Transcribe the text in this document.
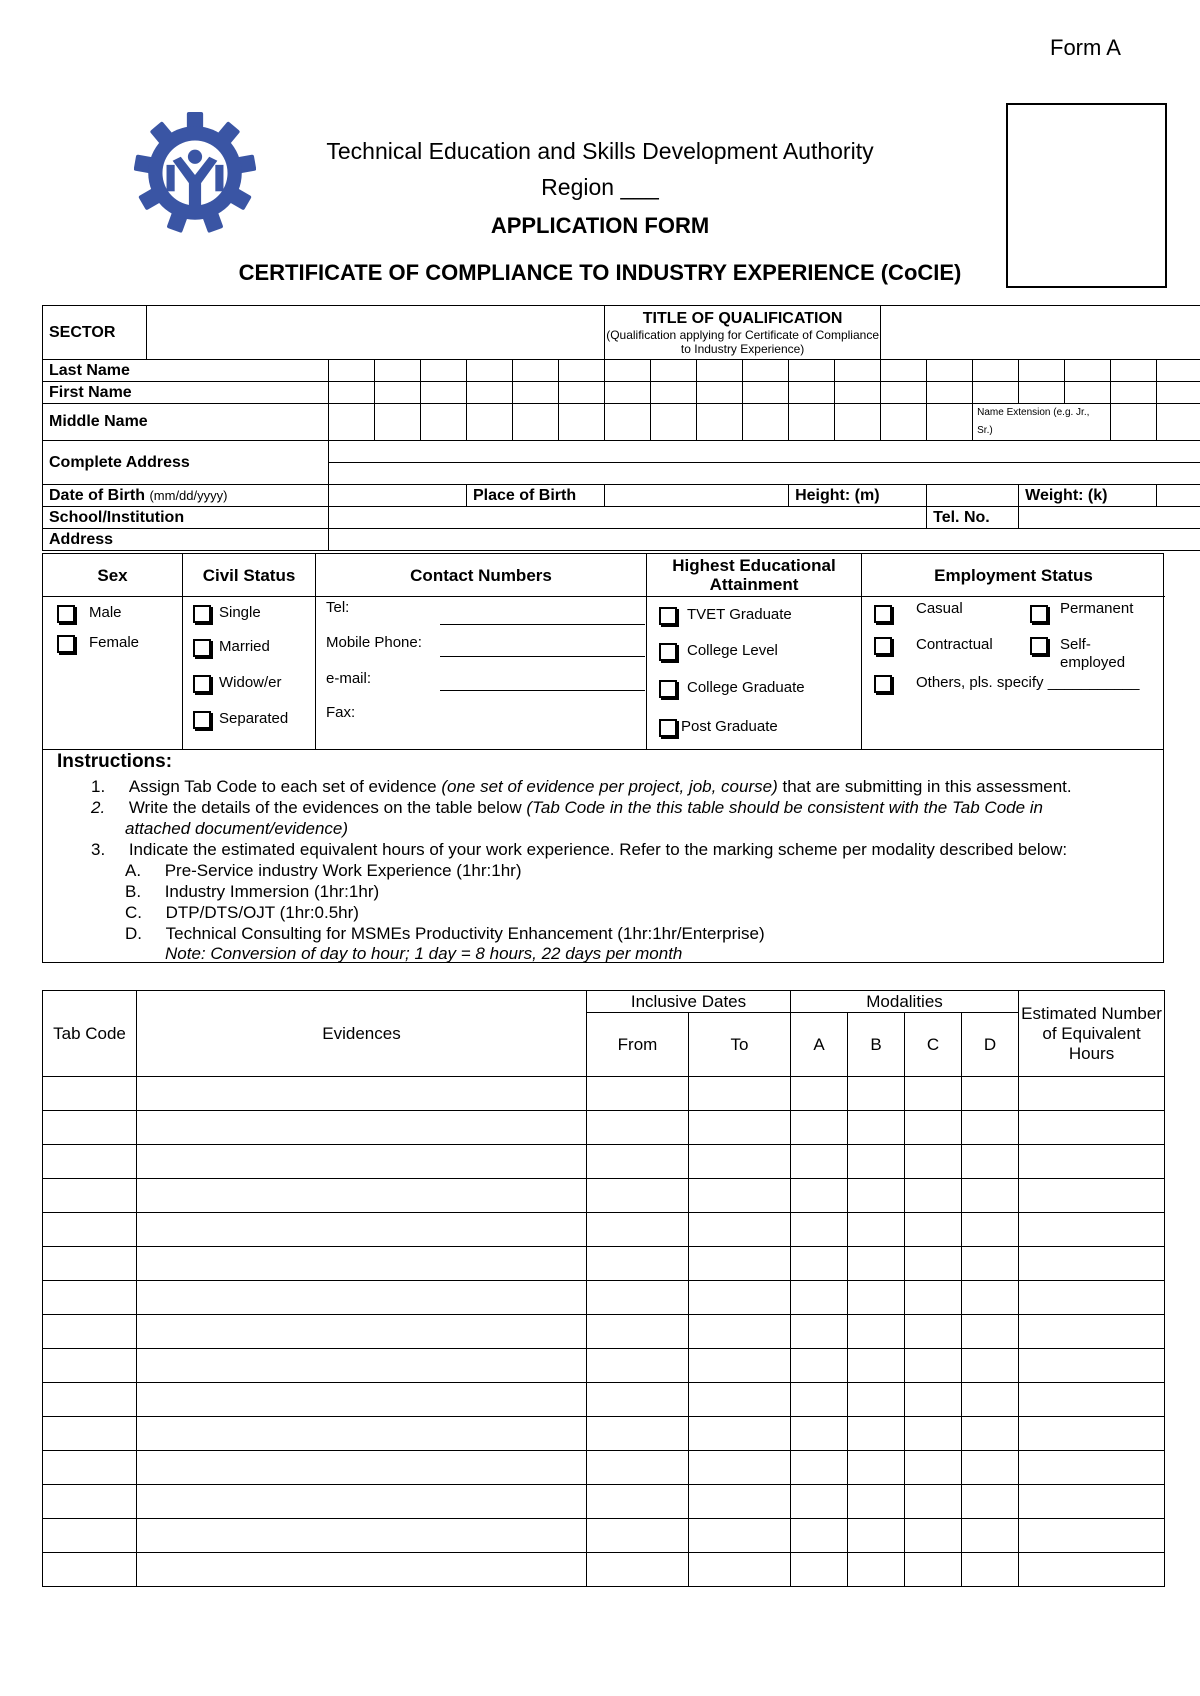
Form A
Technical Education and Skills Development Authority
Region ___
APPLICATION FORM
CERTIFICATE OF COMPLIANCE TO INDUSTRY EXPERIENCE (CoCIE)
SECTOR								TITLE OF QUALIFICATION
(Qualification applying for Certificate of Compliance to Industry Experience)													

Last Name																					
First Name																					
Middle Name																Name Extension (e.g. Jr., Sr.)					
Complete Address																					

Date of Birth (mm/dd/yyyy)					Place of Birth							Height: (m)					Weight: (k)				
School/Institution															Tel. No.						
Address																					
Sex
Male
Female
Civil Status
Single
Married
Widow/er
Separated
Contact Numbers
Tel:
Mobile Phone:
e-mail:
Fax:
Highest Educational Attainment
TVET Graduate
College Level
College Graduate
Post Graduate
Employment Status
Casual	Permanent
Contractual	Self-employed
Others, pls. specify ___________
Instructions:
1. Assign Tab Code to each set of evidence (one set of evidence per project, job, course) that are submitting in this assessment.
2. Write the details of the evidences on the table below (Tab Code in the this table should be consistent with the Tab Code in
attached document/evidence)
3. Indicate the estimated equivalent hours of your work experience. Refer to the marking scheme per modality described below:
A. Pre-Service industry Work Experience (1hr:1hr)
B. Industry Immersion (1hr:1hr)
C. DTP/DTS/OJT (1hr:0.5hr)
D. Technical Consulting for MSMEs Productivity Enhancement (1hr:1hr/Enterprise)
Note: Conversion of day to hour; 1 day = 8 hours, 22 days per month
Tab Code	Evidences	Inclusive Dates		Modalities				Estimated Number of Equivalent Hours
		From	To	A	B	C	D	
